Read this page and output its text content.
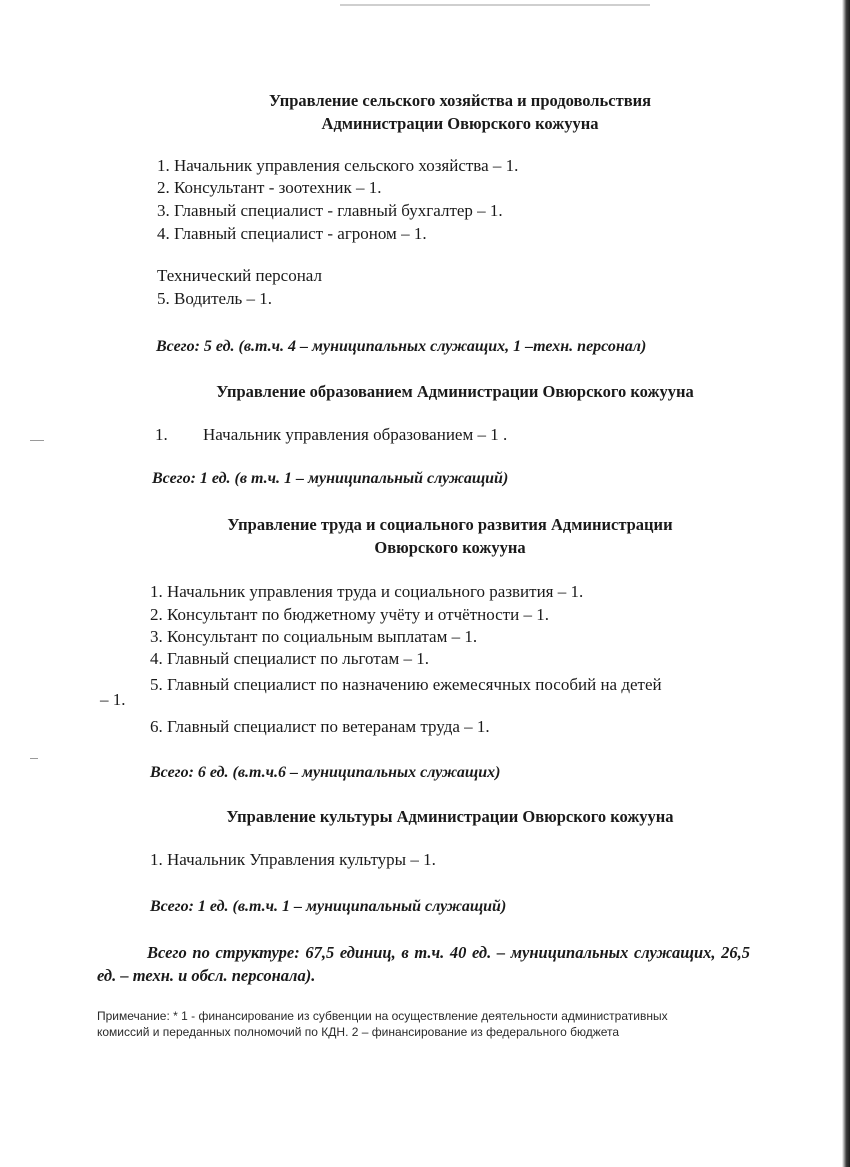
Управление сельского хозяйства и продовольствия
Администрации Овюрского кожууна
1. Начальник управления сельского хозяйства – 1.
2. Консультант - зоотехник – 1.
3. Главный специалист - главный бухгалтер – 1.
4. Главный специалист - агроном – 1.
Технический персонал
5. Водитель – 1.
Всего: 5 ед. (в.т.ч. 4 – муниципальных служащих, 1 –техн. персонал)
Управление образованием Администрации Овюрского кожууна
1. Начальник управления образованием – 1 .
Всего: 1 ед. (в т.ч. 1 – муниципальный служащий)
Управление труда и социального развития Администрации
Овюрского кожууна
1. Начальник управления труда и социального развития – 1.
2. Консультант по бюджетному учёту и отчётности – 1.
3. Консультант по социальным выплатам – 1.
4. Главный специалист по льготам – 1.
5. Главный специалист по назначению ежемесячных пособий на детей
– 1.
6. Главный специалист по ветеранам труда – 1.
Всего: 6 ед. (в.т.ч.6 – муниципальных служащих)
Управление культуры Администрации Овюрского кожууна
1. Начальник Управления культуры – 1.
Всего: 1 ед. (в.т.ч. 1 – муниципальный служащий)
Всего по структуре: 67,5 единиц, в т.ч. 40 ед. – муниципальных служащих, 26,5 ед. – техн. и обсл. персонала).
Примечание: * 1 - финансирование из субвенции на осуществление деятельности административных комиссий и переданных полномочий по КДН. 2 – финансирование из федерального бюджета
